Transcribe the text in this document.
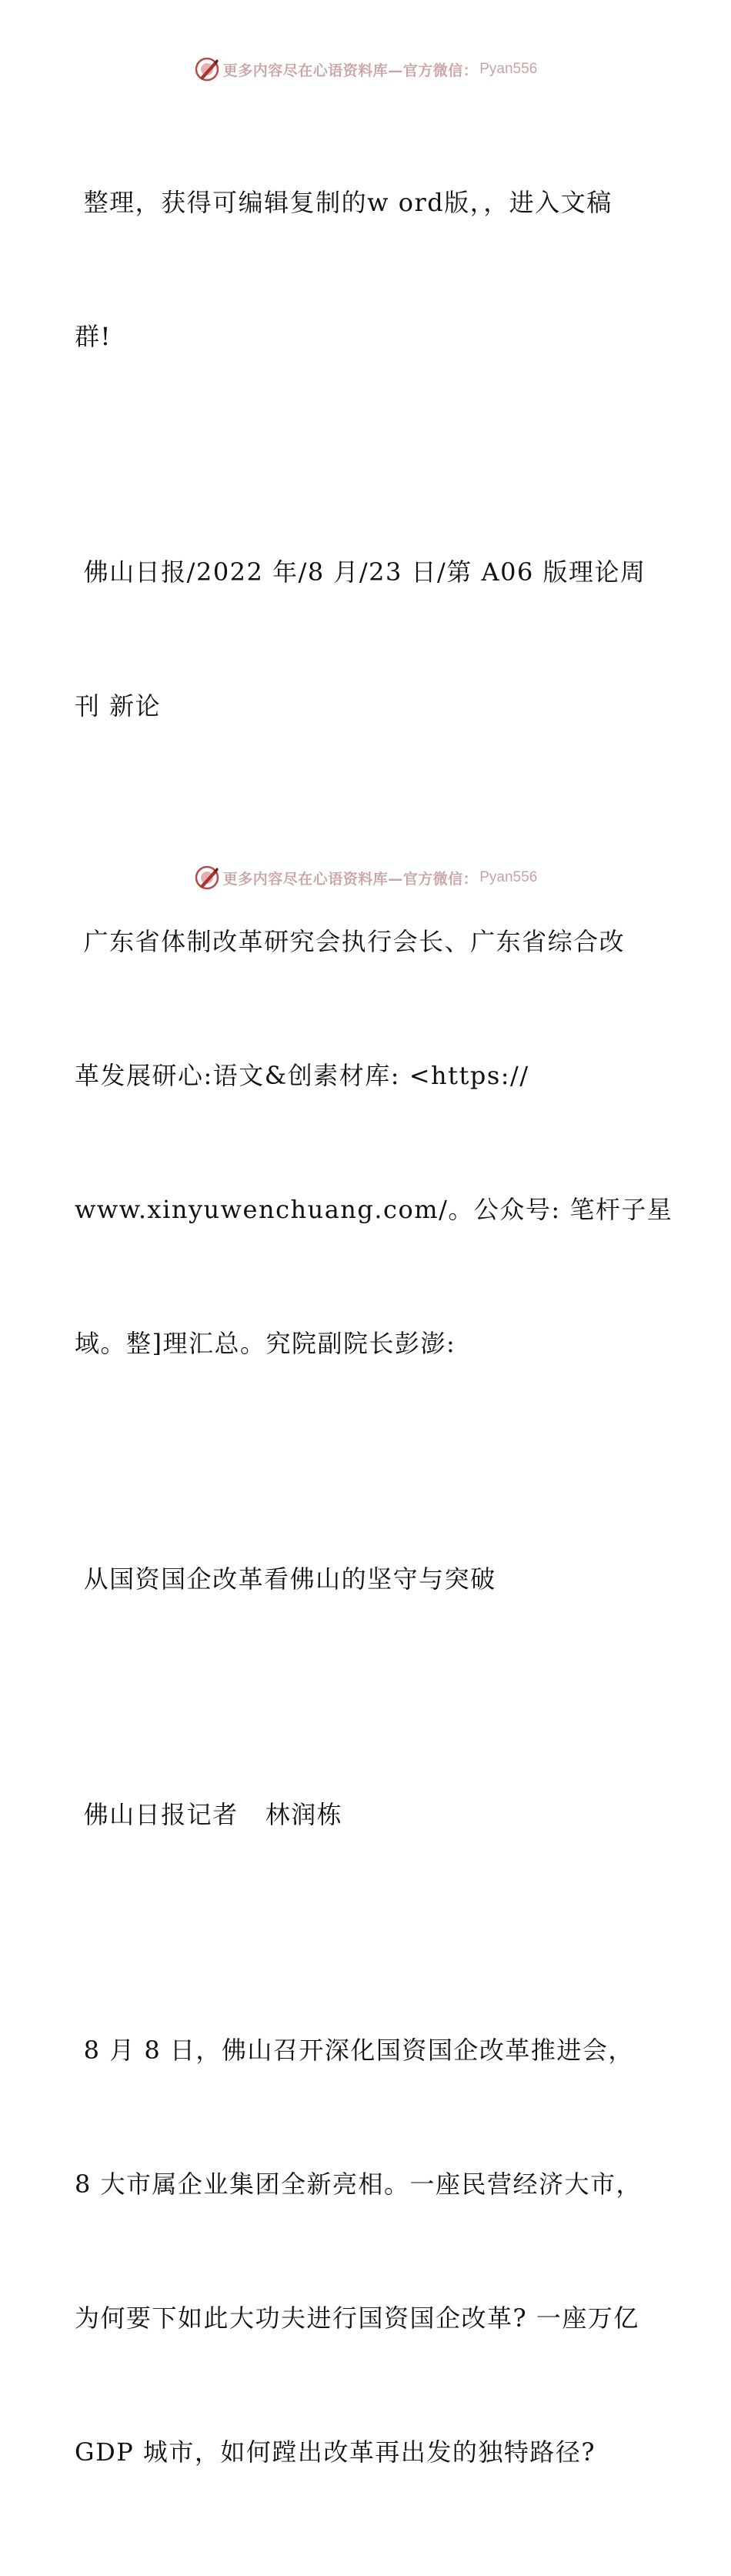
更多内容尽在心语资料库—官方微信： Pyan556

整理，获得可编辑复制的w ord版，，进入文稿

群!

佛山日报/2022 年/8 月/23 日/第 A06 版理论周

刊 新论

广东省体制改革研究会执行会长、广东省综合改

革发展研心:语文&创素材库: <https://

www.xinyuwenchuang.com/。公众号: 笔杆子星

域。整]理汇总。究院副院长彭澎:

从国资国企改革看佛山的坚守与突破

佛山日报记者   林润栋

8 月 8 日，佛山召开深化国资国企改革推进会，

8 大市属企业集团全新亮相。一座民营经济大市，

为何要下如此大功夫进行国资国企改革? 一座万亿

GDP 城市，如何蹚出改革再出发的独特路径?

更多内容尽在心语资料库—官方微信： Pyan556
